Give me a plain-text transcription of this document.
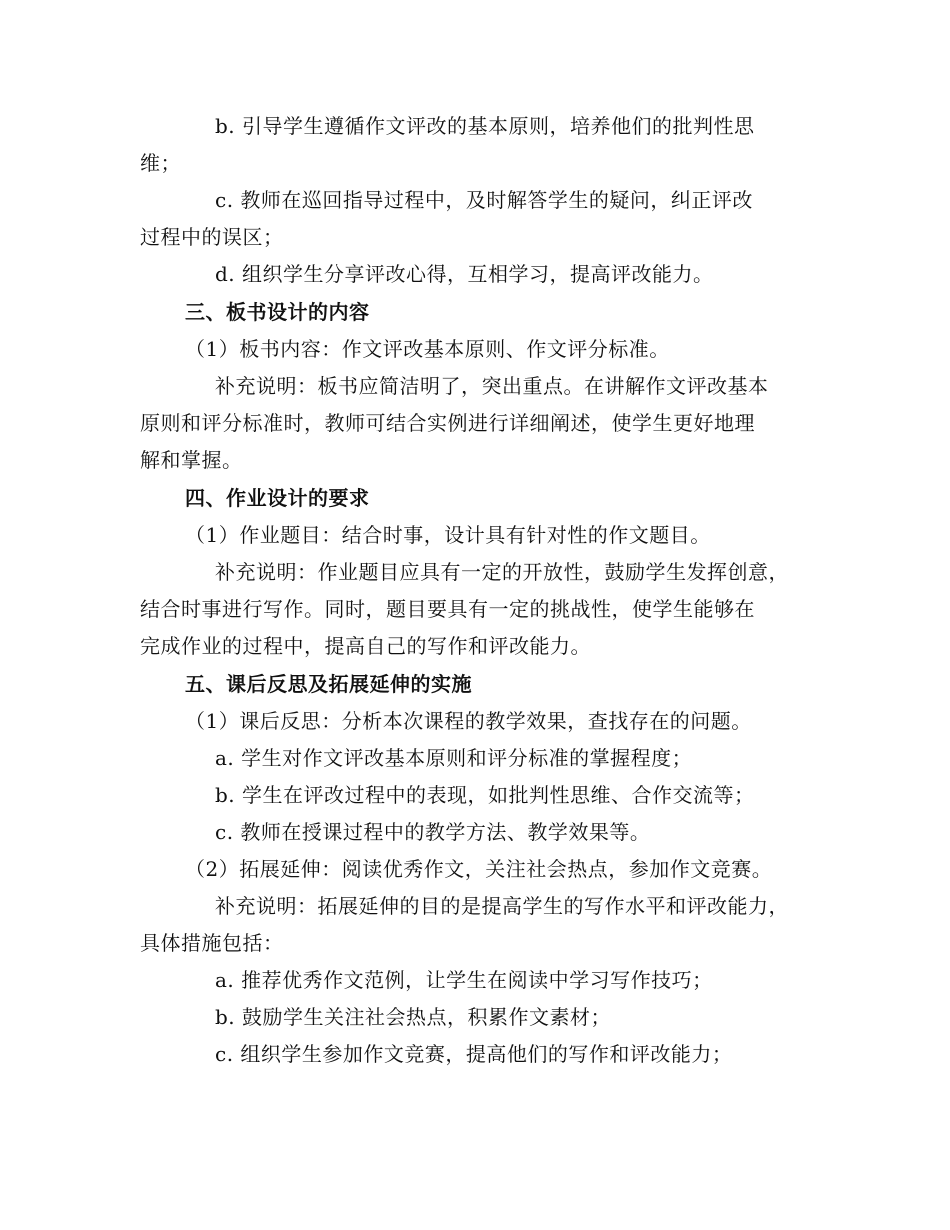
b. 引导学生遵循作文评改的基本原则，培养他们的批判性思
维；
c. 教师在巡回指导过程中，及时解答学生的疑问，纠正评改
过程中的误区；
d. 组织学生分享评改心得，互相学习，提高评改能力。
三、板书设计的内容
（1）板书内容：作文评改基本原则、作文评分标准。
补充说明：板书应简洁明了，突出重点。在讲解作文评改基本
原则和评分标准时，教师可结合实例进行详细阐述，使学生更好地理
解和掌握。
四、作业设计的要求
（1）作业题目：结合时事，设计具有针对性的作文题目。
补充说明：作业题目应具有一定的开放性，鼓励学生发挥创意，
结合时事进行写作。同时，题目要具有一定的挑战性，使学生能够在
完成作业的过程中，提高自己的写作和评改能力。
五、课后反思及拓展延伸的实施
（1）课后反思：分析本次课程的教学效果，查找存在的问题。
a. 学生对作文评改基本原则和评分标准的掌握程度；
b. 学生在评改过程中的表现，如批判性思维、合作交流等；
c. 教师在授课过程中的教学方法、教学效果等。
（2）拓展延伸：阅读优秀作文，关注社会热点，参加作文竞赛。
补充说明：拓展延伸的目的是提高学生的写作水平和评改能力，
具体措施包括：
a. 推荐优秀作文范例，让学生在阅读中学习写作技巧；
b. 鼓励学生关注社会热点，积累作文素材；
c. 组织学生参加作文竞赛，提高他们的写作和评改能力；
